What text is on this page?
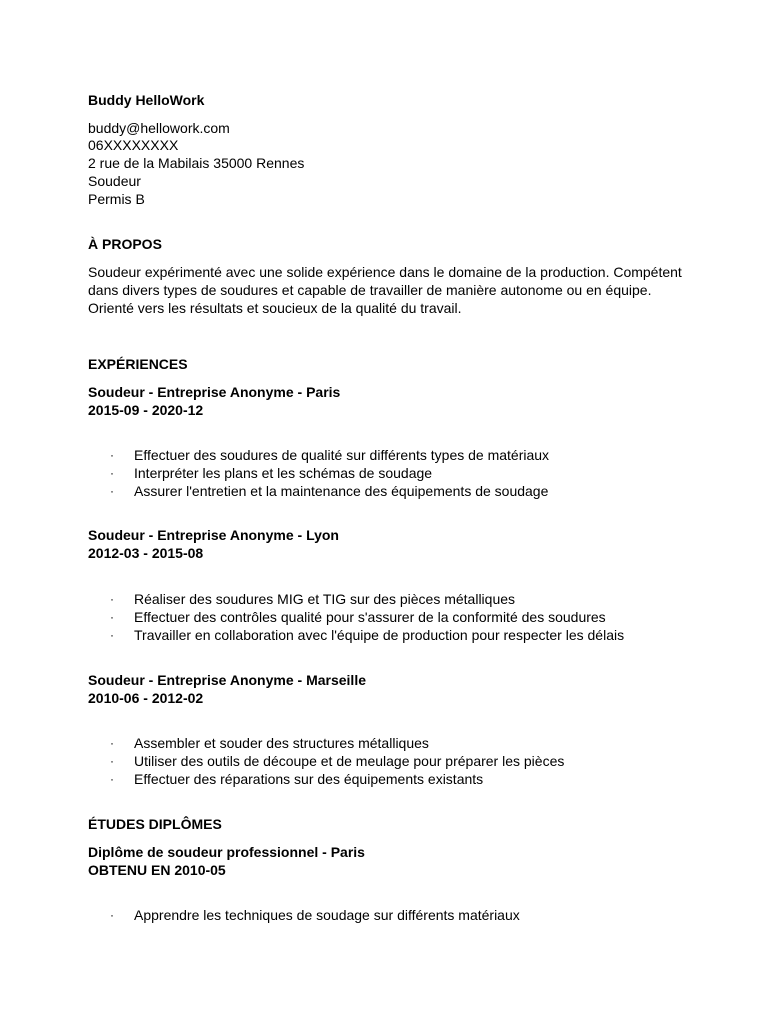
Buddy HelloWork
buddy@hellowork.com
06XXXXXXXX
2 rue de la Mabilais 35000 Rennes
Soudeur
Permis B
À PROPOS
Soudeur expérimenté avec une solide expérience dans le domaine de la production. Compétent dans divers types de soudures et capable de travailler de manière autonome ou en équipe. Orienté vers les résultats et soucieux de la qualité du travail.
EXPÉRIENCES
Soudeur - Entreprise Anonyme - Paris
2015-09 - 2020-12
· Effectuer des soudures de qualité sur différents types de matériaux
· Interpréter les plans et les schémas de soudage
· Assurer l'entretien et la maintenance des équipements de soudage
Soudeur - Entreprise Anonyme - Lyon
2012-03 - 2015-08
· Réaliser des soudures MIG et TIG sur des pièces métalliques
· Effectuer des contrôles qualité pour s'assurer de la conformité des soudures
· Travailler en collaboration avec l'équipe de production pour respecter les délais
Soudeur - Entreprise Anonyme - Marseille
2010-06 - 2012-02
· Assembler et souder des structures métalliques
· Utiliser des outils de découpe et de meulage pour préparer les pièces
· Effectuer des réparations sur des équipements existants
ÉTUDES DIPLÔMES
Diplôme de soudeur professionnel - Paris
OBTENU EN 2010-05
· Apprendre les techniques de soudage sur différents matériaux
